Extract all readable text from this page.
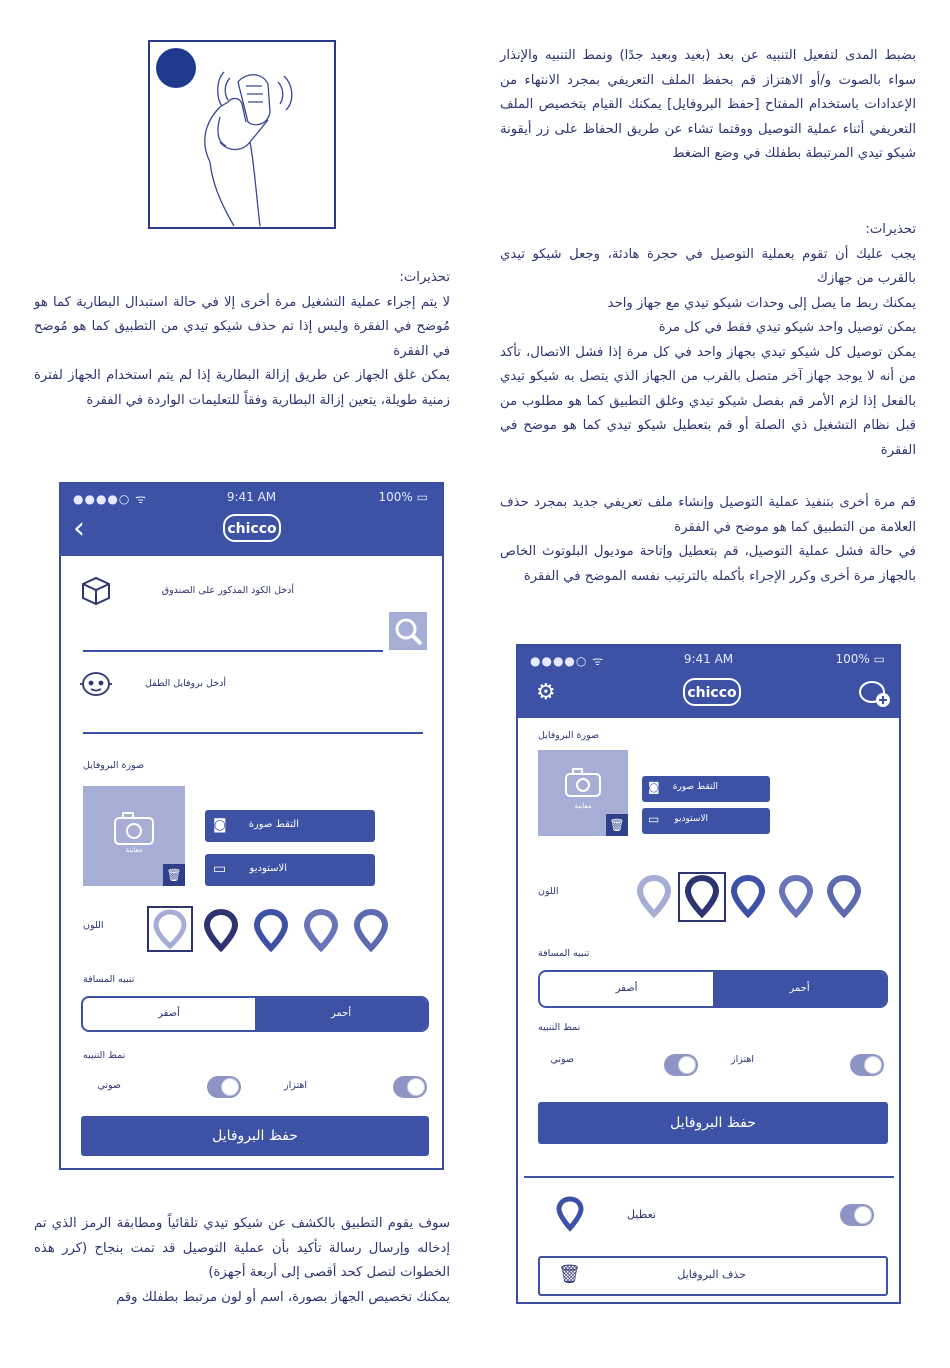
بضبط المدى لتفعيل التنبيه عن بعد (بعيد وبعيد جدًا) ونمط التنبيه والإنذار سواء بالصوت و/أو الاهتزاز قم بحفظ الملف التعريفي بمجرد الانتهاء من الإعدادات باستخدام المفتاح [حفظ البروفايل] يمكنك القيام بتخصيص الملف التعريفي أثناء عملية التوصيل ووقتما تشاء عن طريق الحفاظ على زر أيقونة شيكو تيدي المرتبطة بطفلك في وضع الضغط

تحذيرات:

يجب عليك أن تقوم بعملية التوصيل في حجرة هادئة، وجعل شيكو تيدي بالقرب من جهازك

يمكنك ربط ما يصل إلى وحدات شيكو تيدي مع جهاز واحد

يمكن توصيل واحد شيكو تيدي فقط في كل مرة

يمكن توصيل كل شيكو تيدي بجهاز واحد في كل مرة إذا فشل الاتصال، تأكد من أنه لا يوجد جهاز آخر متصل بالقرب من الجهاز الذي يتصل به شيكو تيدي بالفعل إذا لزم الأمر قم بفصل شيكو تيدي وغلق التطبيق كما هو مطلوب من قبل نظام التشغيل ذي الصلة أو قم بتعطيل شيكو تيدي كما هو موضح في الفقرة

قم مرة أخرى بتنفيذ عملية التوصيل وإنشاء ملف تعريفي جديد بمجرد حذف العلامة من التطبيق كما هو موضح في الفقرة

في حالة فشل عملية التوصيل، قم بتعطيل وإتاحة موديول البلوتوث الخاص بالجهاز مرة أخرى وكرر الإجراء بأكمله بالترتيب نفسه الموضح في الفقرة

تحذيرات:

لا يتم إجراء عملية التشغيل مرة أخرى إلا في حالة استبدال البطارية كما هو مُوضح في الفقرة وليس إذا تم حذف شيكو تيدي من التطبيق كما هو مُوضح في الفقرة

يمكن غلق الجهاز عن طريق إزالة البطارية إذا لم يتم استخدام الجهاز لفترة زمنية طويلة، يتعين إزالة البطارية وفقاً للتعليمات الواردة في الفقرة

سوف يقوم التطبيق بالكشف عن شيكو تيدي تلقائياً ومطابقة الرمز الذي تم إدخاله وإرسال رسالة تأكيد بأن عملية التوصيل قد تمت بنجاح (كرر هذه الخطوات لتصل كحد أقصى إلى أربعة أجهزة)

يمكنك تخصيص الجهاز بصورة، اسم أو لون مرتبط بطفلك وقم

●●●●○ ᯤ	9:41 AM	100% ▭
‹	chicco
أدخل الكود المذكور على الصندوق
أدخل بروفايل الطفل
صورة البروفايل
معاينة
🗑
◙ التقط صورة
▭ الاستوديو
اللون
تنبيه المسافة
أصفر	أحمر
نمط التنبيه
اهتزاز
صوتي
حفظ البروفايل
●●●●○ ᯤ	9:41 AM	100% ▭
⚙	chicco
صورة البروفايل
معاينة
🗑
◙ التقط صورة
▭ الاستوديو
اللون
تنبيه المسافة
أصفر	أحمر
نمط التنبيه
اهتزاز
صوتي
حفظ البروفايل
تعطيل
🗑	حذف البروفايل
